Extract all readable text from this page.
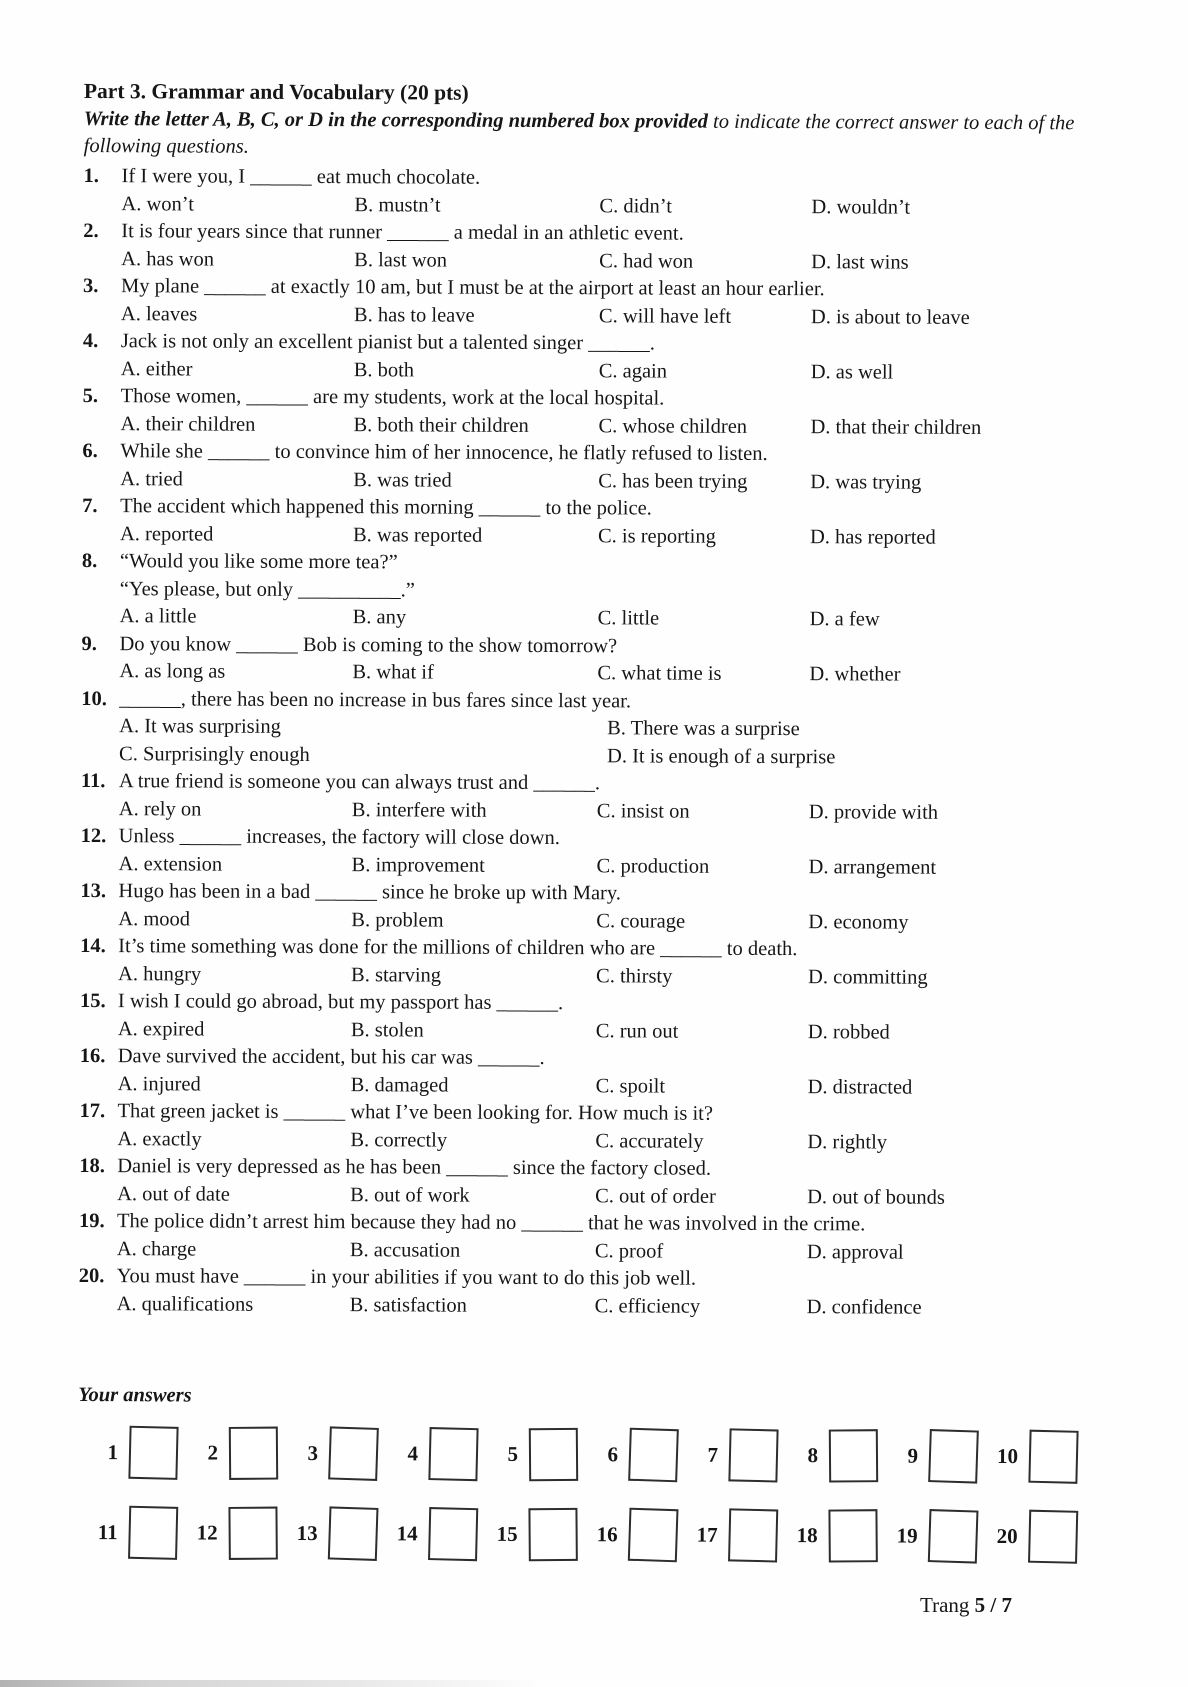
Part 3. Grammar and Vocabulary (20 pts)

Write the letter A, B, C, or D in the corresponding numbered box provided to indicate the correct answer to each of the following questions.

1.	If I were you, I ______ eat much chocolate.
A. won’t	B. mustn’t	C. didn’t	D. wouldn’t
2.	It is four years since that runner ______ a medal in an athletic event.
A. has won	B. last won	C. had won	D. last wins
3.	My plane ______ at exactly 10 am, but I must be at the airport at least an hour earlier.
A. leaves	B. has to leave	C. will have left	D. is about to leave
4.	Jack is not only an excellent pianist but a talented singer ______.
A. either	B. both	C. again	D. as well
5.	Those women, ______ are my students, work at the local hospital.
A. their children	B. both their children	C. whose children	D. that their children
6.	While she ______ to convince him of her innocence, he flatly refused to listen.
A. tried	B. was tried	C. has been trying	D. was trying
7.	The accident which happened this morning ______ to the police.
A. reported	B. was reported	C. is reporting	D. has reported
8.	“Would you like some more tea?”
“Yes please, but only __________.”
A. a little	B. any	C. little	D. a few
9.	Do you know ______ Bob is coming to the show tomorrow?
A. as long as	B. what if	C. what time is	D. whether
10. ______, there has been no increase in bus fares since last year.
A. It was surprising	B. There was a surprise
C. Surprisingly enough	D. It is enough of a surprise
11. A true friend is someone you can always trust and ______.
A. rely on	B. interfere with	C. insist on	D. provide with
12. Unless ______ increases, the factory will close down.
A. extension	B. improvement	C. production	D. arrangement
13. Hugo has been in a bad ______ since he broke up with Mary.
A. mood	B. problem	C. courage	D. economy
14. It’s time something was done for the millions of children who are ______ to death.
A. hungry	B. starving	C. thirsty	D. committing
15. I wish I could go abroad, but my passport has ______.
A. expired	B. stolen	C. run out	D. robbed
16. Dave survived the accident, but his car was ______.
A. injured	B. damaged	C. spoilt	D. distracted
17. That green jacket is ______ what I’ve been looking for. How much is it?
A. exactly	B. correctly	C. accurately	D. rightly
18. Daniel is very depressed as he has been ______ since the factory closed.
A. out of date	B. out of work	C. out of order	D. out of bounds
19. The police didn’t arrest him because they had no ______ that he was involved in the crime.
A. charge	B. accusation	C. proof	D. approval
20. You must have ______ in your abilities if you want to do this job well.
A. qualifications	B. satisfaction	C. efficiency	D. confidence
Your answers
1	2	3	4	5	6	7	8	9	10
11	12	13	14	15	16	17	18	19	20
Trang 5 / 7
